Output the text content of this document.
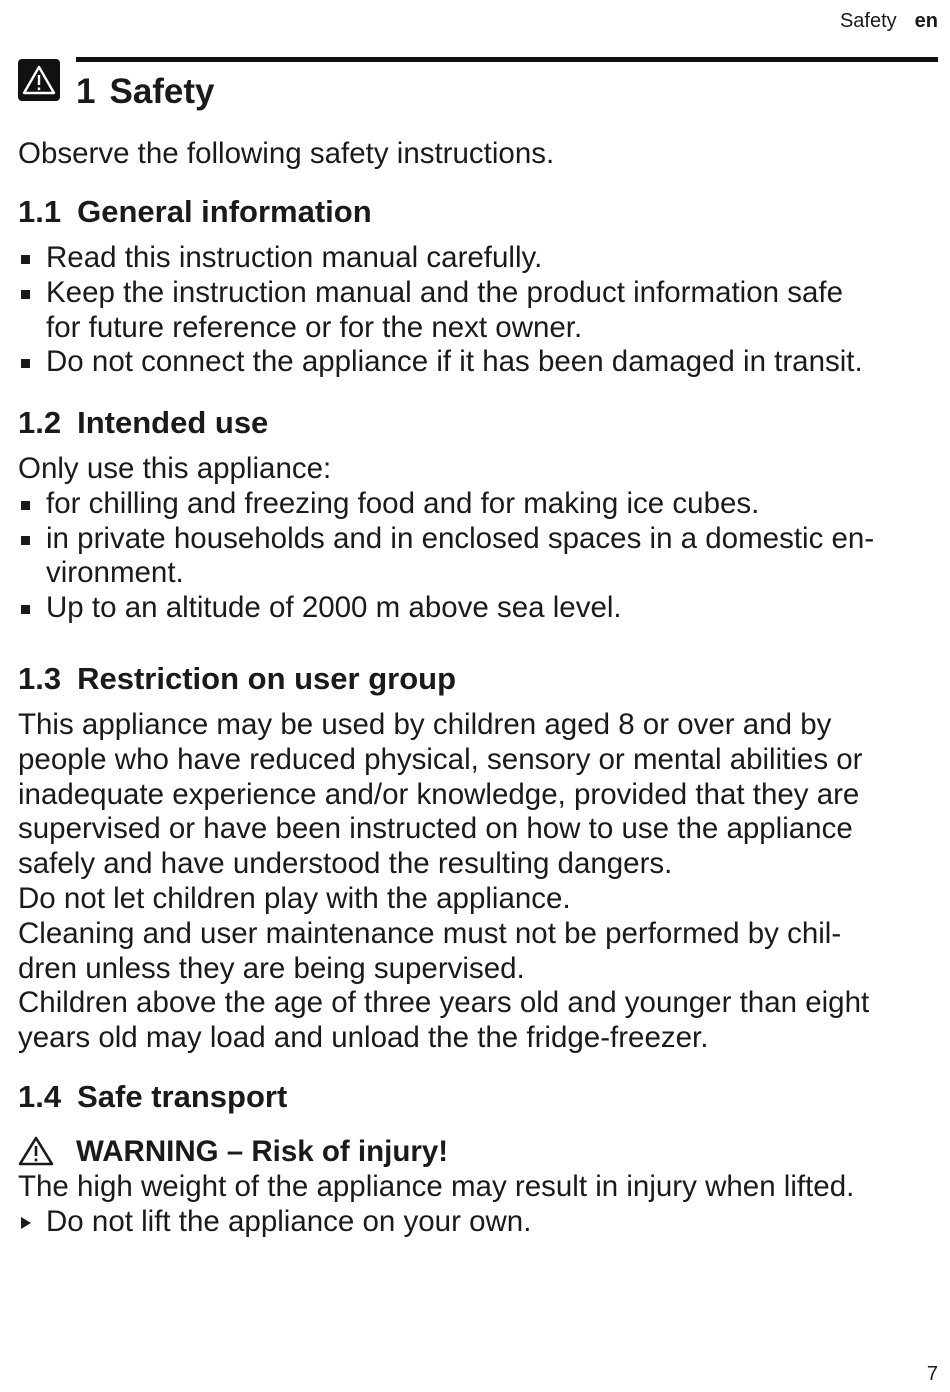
Safety en
1 Safety

Observe the following safety instructions.

1.1 General information
Read this instruction manual carefully.
Keep the instruction manual and the product information safe
for future reference or for the next owner.
Do not connect the appliance if it has been damaged in transit.
1.2 Intended use

Only use this appliance:

for chilling and freezing food and for making ice cubes.
in private households and in enclosed spaces in a domestic en-
vironment.
Up to an altitude of 2000 m above sea level.
1.3 Restriction on user group

This appliance may be used by children aged 8 or over and by

people who have reduced physical, sensory or mental abilities or

inadequate experience and/or knowledge, provided that they are

supervised or have been instructed on how to use the appliance

safely and have understood the resulting dangers.

Do not let children play with the appliance.

Cleaning and user maintenance must not be performed by chil-

dren unless they are being supervised.

Children above the age of three years old and younger than eight

years old may load and unload the the fridge-freezer.

1.4 Safe transport
WARNING – Risk of injury!

The high weight of the appliance may result in injury when lifted.

Do not lift the appliance on your own.
7
